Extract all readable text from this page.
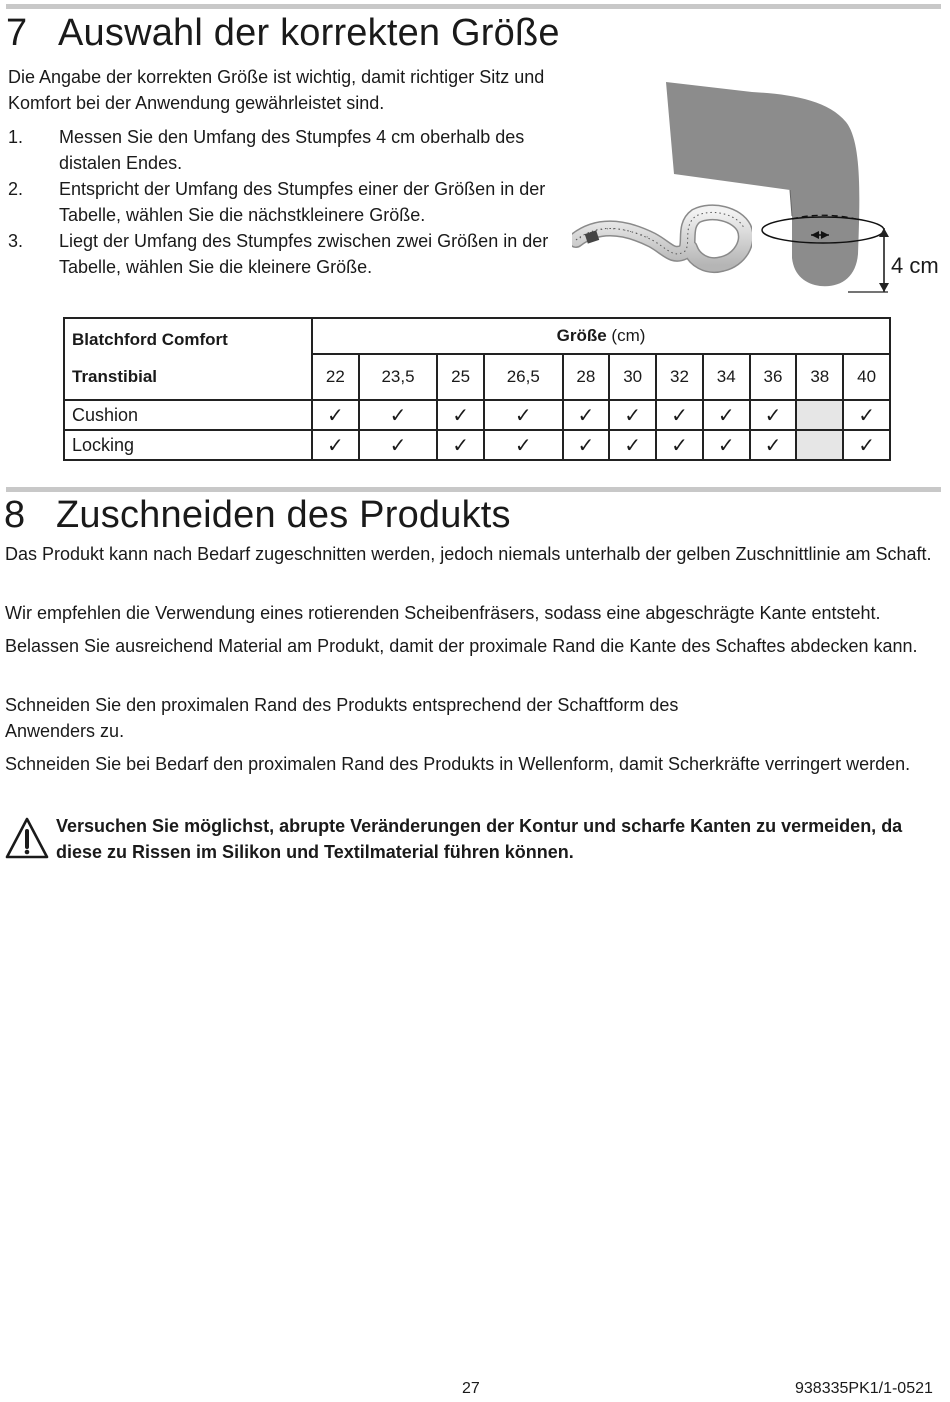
7 Auswahl der korrekten Größe
Die Angabe der korrekten Größe ist wichtig, damit richtiger Sitz und Komfort bei der Anwendung gewährleistet sind.
1. Messen Sie den Umfang des Stumpfes 4 cm oberhalb des distalen Endes.
2. Entspricht der Umfang des Stumpfes einer der Größen in der Tabelle, wählen Sie die nächstkleinere Größe.
3. Liegt der Umfang des Stumpfes zwischen zwei Größen in der Tabelle, wählen Sie die kleinere Größe.	4 cm
Blatchford Comfort	Größe (cm)										
Transtibial	22	23,5	25	26,5	28	30	32	34	36	38	40
Cushion	✓	✓	✓	✓	✓	✓	✓	✓	✓		✓
Locking	✓	✓	✓	✓	✓	✓	✓	✓	✓		✓
8 Zuschneiden des Produkts
Das Produkt kann nach Bedarf zugeschnitten werden, jedoch niemals unterhalb der gelben Zuschnittlinie am Schaft.
Wir empfehlen die Verwendung eines rotierenden Scheibenfräsers, sodass eine abgeschrägte Kante entsteht.
Belassen Sie ausreichend Material am Produkt, damit der proximale Rand die Kante des Schaftes abdecken kann.
Schneiden Sie den proximalen Rand des Produkts entsprechend der Schaftform des Anwenders zu.
Schneiden Sie bei Bedarf den proximalen Rand des Produkts in Wellenform, damit Scherkräfte verringert werden.
Versuchen Sie möglichst, abrupte Veränderungen der Kontur und scharfe Kanten zu vermeiden, da diese zu Rissen im Silikon und Textilmaterial führen können.
27	938335PK1/1-0521
